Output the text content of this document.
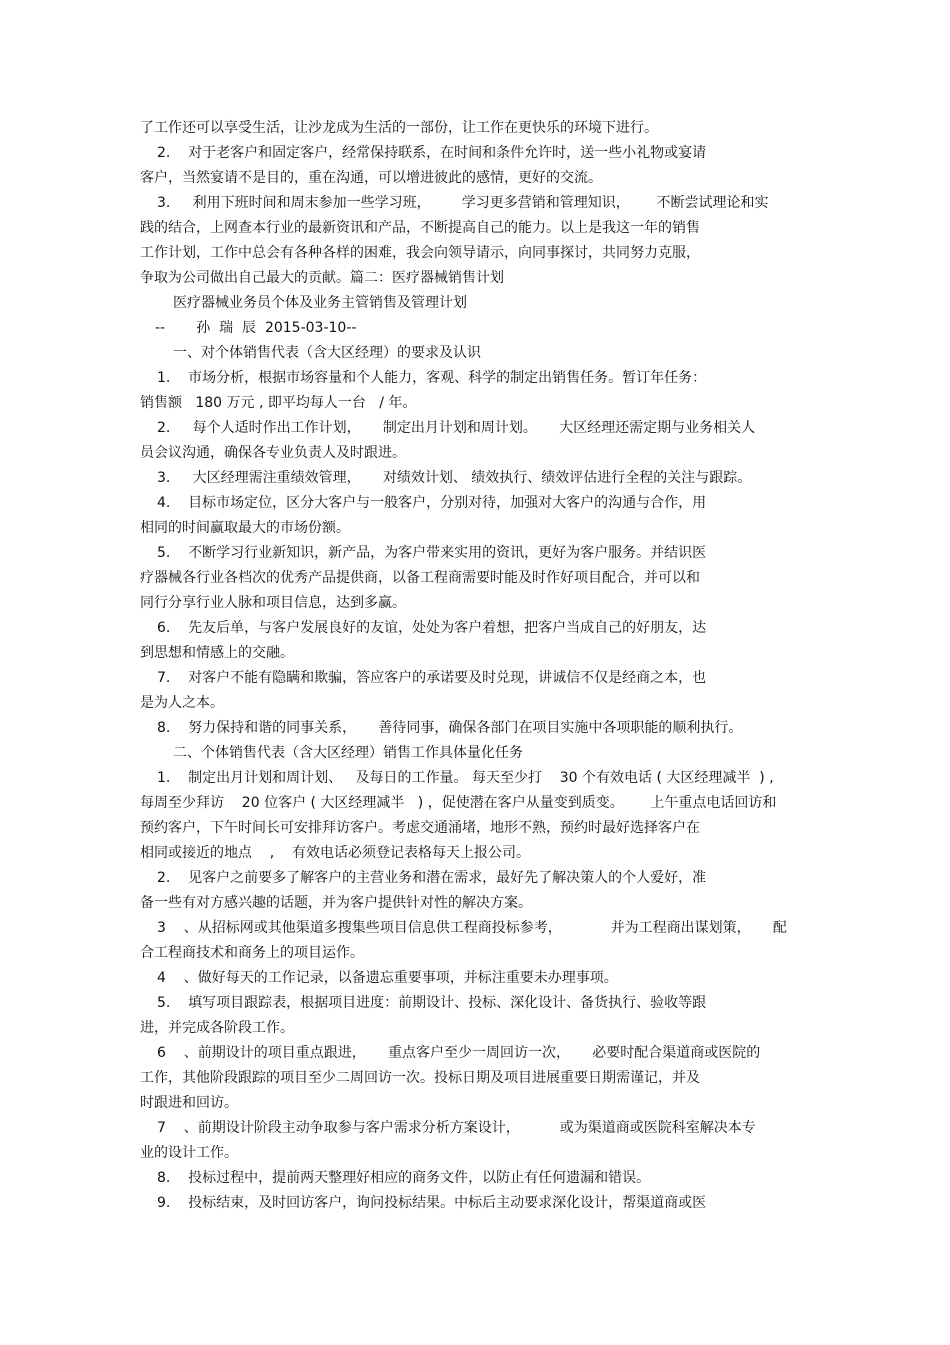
了工作还可以享受生活，让沙龙成为生活的一部份，让工作在更快乐的环境下进行。
2.    对于老客户和固定客户，经常保持联系，在时间和条件允许时，送一些小礼物或宴请
客户，当然宴请不是目的，重在沟通，可以增进彼此的感情，更好的交流。
3.     利用下班时间和周末参加一些学习班，       学习更多营销和管理知识，      不断尝试理论和实
践的结合，上网查本行业的最新资讯和产品，不断提高自己的能力。以上是我这一年的销售
工作计划，工作中总会有各种各样的困难，我会向领导请示，向同事探讨，共同努力克服，
争取为公司做出自己最大的贡献。篇二：医疗器械销售计划
医疗器械业务员个体及业务主管销售及管理计划
--       孙  瑞  辰  2015-03-10--
一、对个体销售代表（含大区经理）的要求及认识
1.    市场分析，根据市场容量和个人能力，客观、科学的制定出销售任务。暂订年任务：
销售额   180 万元 , 即平均每人一台   / 年。
2.     每个人适时作出工作计划，     制定出月计划和周计划。     大区经理还需定期与业务相关人
员会议沟通，确保各专业负责人及时跟进。
3.     大区经理需注重绩效管理，     对绩效计划、 绩效执行、绩效评估进行全程的关注与跟踪。
4.    目标市场定位，区分大客户与一般客户，分别对待，加强对大客户的沟通与合作，用
相同的时间赢取最大的市场份额。
5.    不断学习行业新知识，新产品，为客户带来实用的资讯，更好为客户服务。并结识医
疗器械各行业各档次的优秀产品提供商，以备工程商需要时能及时作好项目配合，并可以和
同行分享行业人脉和项目信息，达到多赢。
6.    先友后单，与客户发展良好的友谊，处处为客户着想，把客户当成自己的好朋友，达
到思想和情感上的交融。
7.    对客户不能有隐瞒和欺骗，答应客户的承诺要及时兑现，讲诚信不仅是经商之本，也
是为人之本。
8.    努力保持和谐的同事关系，     善待同事，确保各部门在项目实施中各项职能的顺利执行。
二、个体销售代表（含大区经理）销售工作具体量化任务
1.    制定出月计划和周计划、   及每日的工作量。 每天至少打    30 个有效电话 ( 大区经理减半  ) ,
每周至少拜访    20 位客户 ( 大区经理减半   ) ，促使潜在客户从量变到质变。      上午重点电话回访和
预约客户，下午时间长可安排拜访客户。考虑交通涌堵，地形不熟，预约时最好选择客户在
相同或接近的地点    ,    有效电话必须登记表格每天上报公司。
2.    见客户之前要多了解客户的主营业务和潜在需求，最好先了解决策人的个人爱好，准
备一些有对方感兴趣的话题，并为客户提供针对性的解决方案。
3    、从招标网或其他渠道多搜集些项目信息供工程商投标参考，           并为工程商出谋划策，     配
合工程商技术和商务上的项目运作。
4    、做好每天的工作记录，以备遗忘重要事项，并标注重要未办理事项。
5.    填写项目跟踪表，根据项目进度：前期设计、投标、深化设计、备货执行、验收等跟
进，并完成各阶段工作。
6    、前期设计的项目重点跟进，     重点客户至少一周回访一次，     必要时配合渠道商或医院的
工作，其他阶段跟踪的项目至少二周回访一次。投标日期及项目进展重要日期需谨记，并及
时跟进和回访。
7    、前期设计阶段主动争取参与客户需求分析方案设计，         或为渠道商或医院科室解决本专
业的设计工作。
8.    投标过程中，提前两天整理好相应的商务文件，以防止有任何遗漏和错误。
9.    投标结束，及时回访客户，询问投标结果。中标后主动要求深化设计，帮渠道商或医
